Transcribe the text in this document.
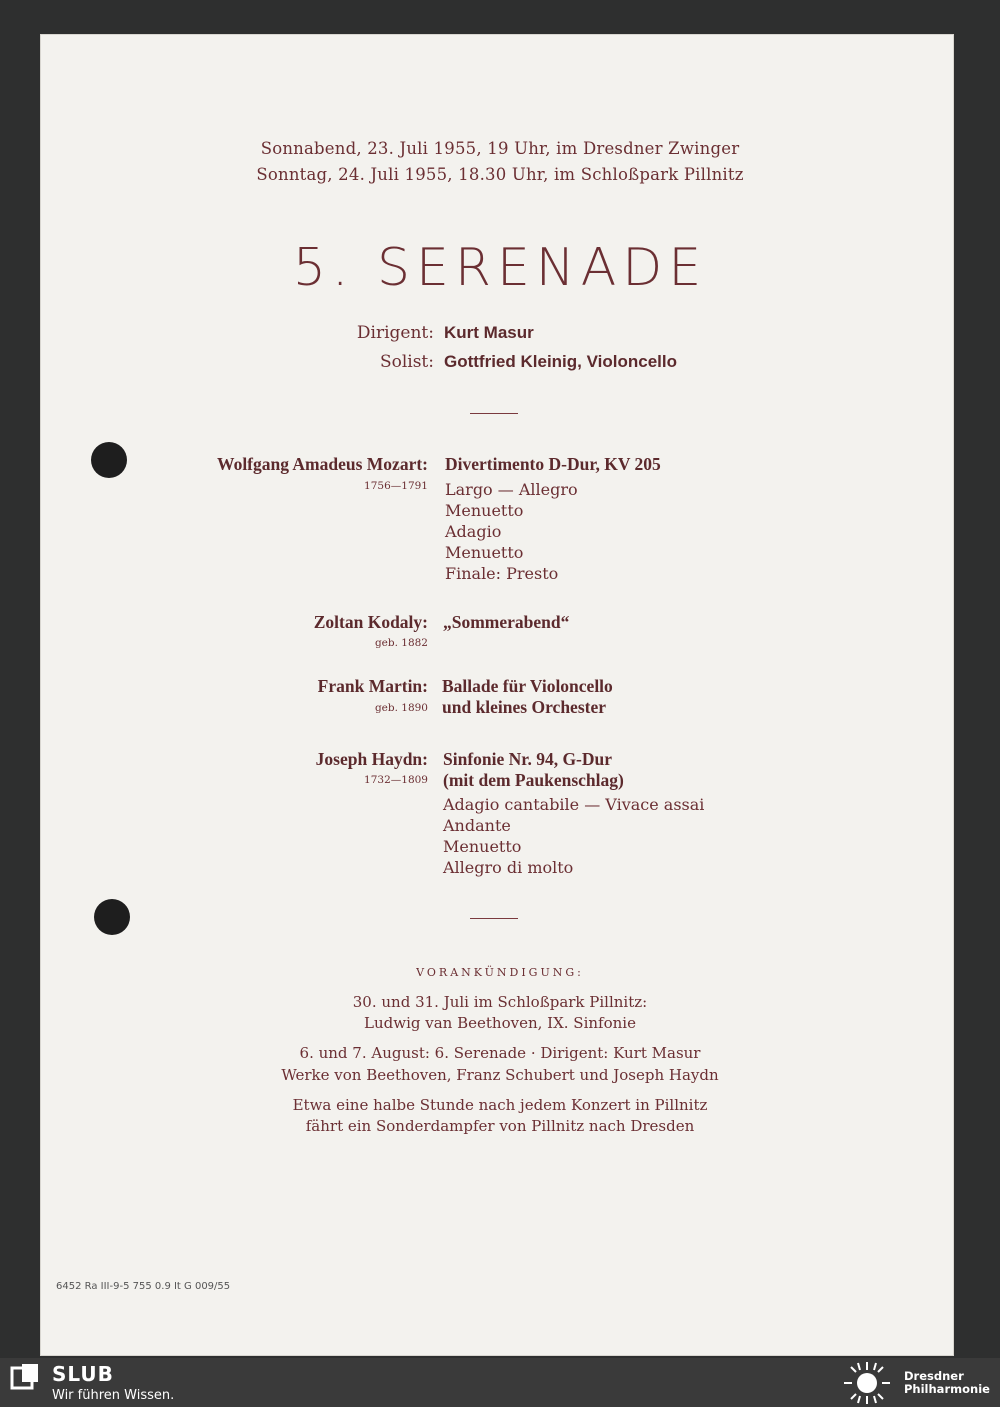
Sonnabend, 23. Juli 1955, 19 Uhr, im Dresdner Zwinger
Sonntag, 24. Juli 1955, 18.30 Uhr, im Schloßpark Pillnitz
5. SERENADE
Dirigent: Kurt Masur
Solist: Gottfried Kleinig, Violoncello
Wolfgang Amadeus Mozart:
1756—1791
Divertimento D-Dur, KV 205
Largo — Allegro
Menuetto
Adagio
Menuetto
Finale: Presto
Zoltan Kodaly:
geb. 1882
„Sommerabend“
Frank Martin:
geb. 1890
Ballade für Violoncello
und kleines Orchester
Joseph Haydn:
1732—1809
Sinfonie Nr. 94, G-Dur
(mit dem Paukenschlag)
Adagio cantabile — Vivace assai
Andante
Menuetto
Allegro di molto
VORANKÜNDIGUNG:
30. und 31. Juli im Schloßpark Pillnitz:
Ludwig van Beethoven, IX. Sinfonie
6. und 7. August: 6. Serenade · Dirigent: Kurt Masur
Werke von Beethoven, Franz Schubert und Joseph Haydn
Etwa eine halbe Stunde nach jedem Konzert in Pillnitz
fährt ein Sonderdampfer von Pillnitz nach Dresden
6452 Ra III-9-5 755 0.9 It G 009/55
SLUB
Wir führen Wissen.
Dresdner
Philharmonie
